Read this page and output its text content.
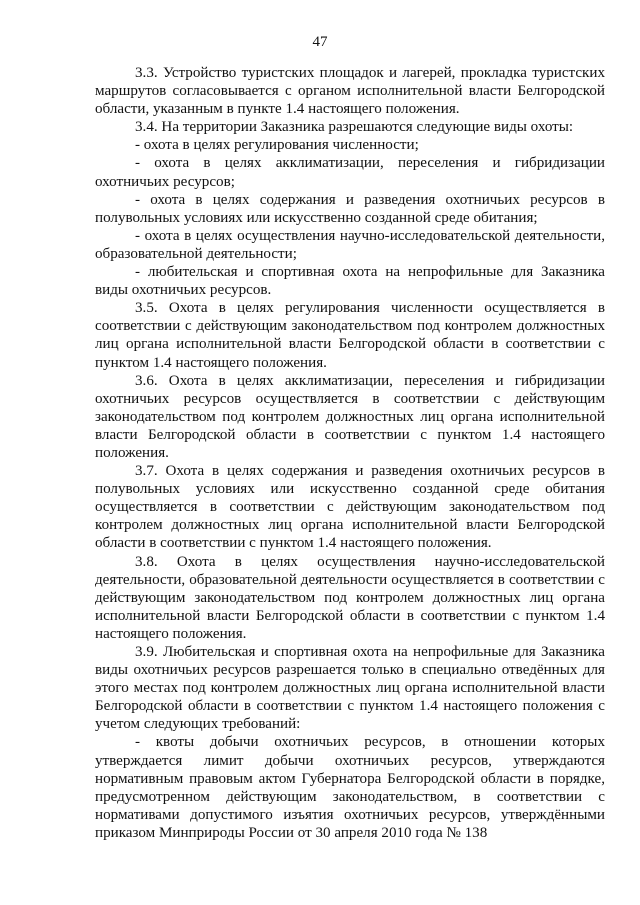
47

3.3. Устройство туристских площадок и лагерей, прокладка туристских маршрутов согласовывается с органом исполнительной власти Белгородской области, указанным в пункте 1.4 настоящего положения.

3.4. На территории Заказника разрешаются следующие виды охоты:

- охота в целях регулирования численности;

- охота в целях акклиматизации, переселения и гибридизации охотничьих ресурсов;

- охота в целях содержания и разведения охотничьих ресурсов в полувольных условиях или искусственно созданной среде обитания;

- охота в целях осуществления научно-исследовательской деятельности, образовательной деятельности;

- любительская и спортивная охота на непрофильные для Заказника виды охотничьих ресурсов.

3.5. Охота в целях регулирования численности осуществляется в соответствии с действующим законодательством под контролем должностных лиц органа исполнительной власти Белгородской области в соответствии с пунктом 1.4 настоящего положения.

3.6. Охота в целях акклиматизации, переселения и гибридизации охотничьих ресурсов осуществляется в соответствии с действующим законодательством под контролем должностных лиц органа исполнительной власти Белгородской области в соответствии с пунктом 1.4 настоящего положения.

3.7. Охота в целях содержания и разведения охотничьих ресурсов в полувольных условиях или искусственно созданной среде обитания осуществляется в соответствии с действующим законодательством под контролем должностных лиц органа исполнительной власти Белгородской области в соответствии с пунктом 1.4 настоящего положения.

3.8. Охота в целях осуществления научно-исследовательской деятельности, образовательной деятельности осуществляется в соответствии с действующим законодательством под контролем должностных лиц органа исполнительной власти Белгородской области в соответствии с пунктом 1.4 настоящего положения.

3.9. Любительская и спортивная охота на непрофильные для Заказника виды охотничьих ресурсов разрешается только в специально отведённых для этого местах под контролем должностных лиц органа исполнительной власти Белгородской области в соответствии с пунктом 1.4 настоящего положения с учетом следующих требований:

- квоты добычи охотничьих ресурсов, в отношении которых утверждается лимит добычи охотничьих ресурсов, утверждаются нормативным правовым актом Губернатора Белгородской области в порядке, предусмотренном действующим законодательством, в соответствии с нормативами допустимого изъятия охотничьих ресурсов, утверждёнными приказом Минприроды России от 30 апреля 2010 года № 138
